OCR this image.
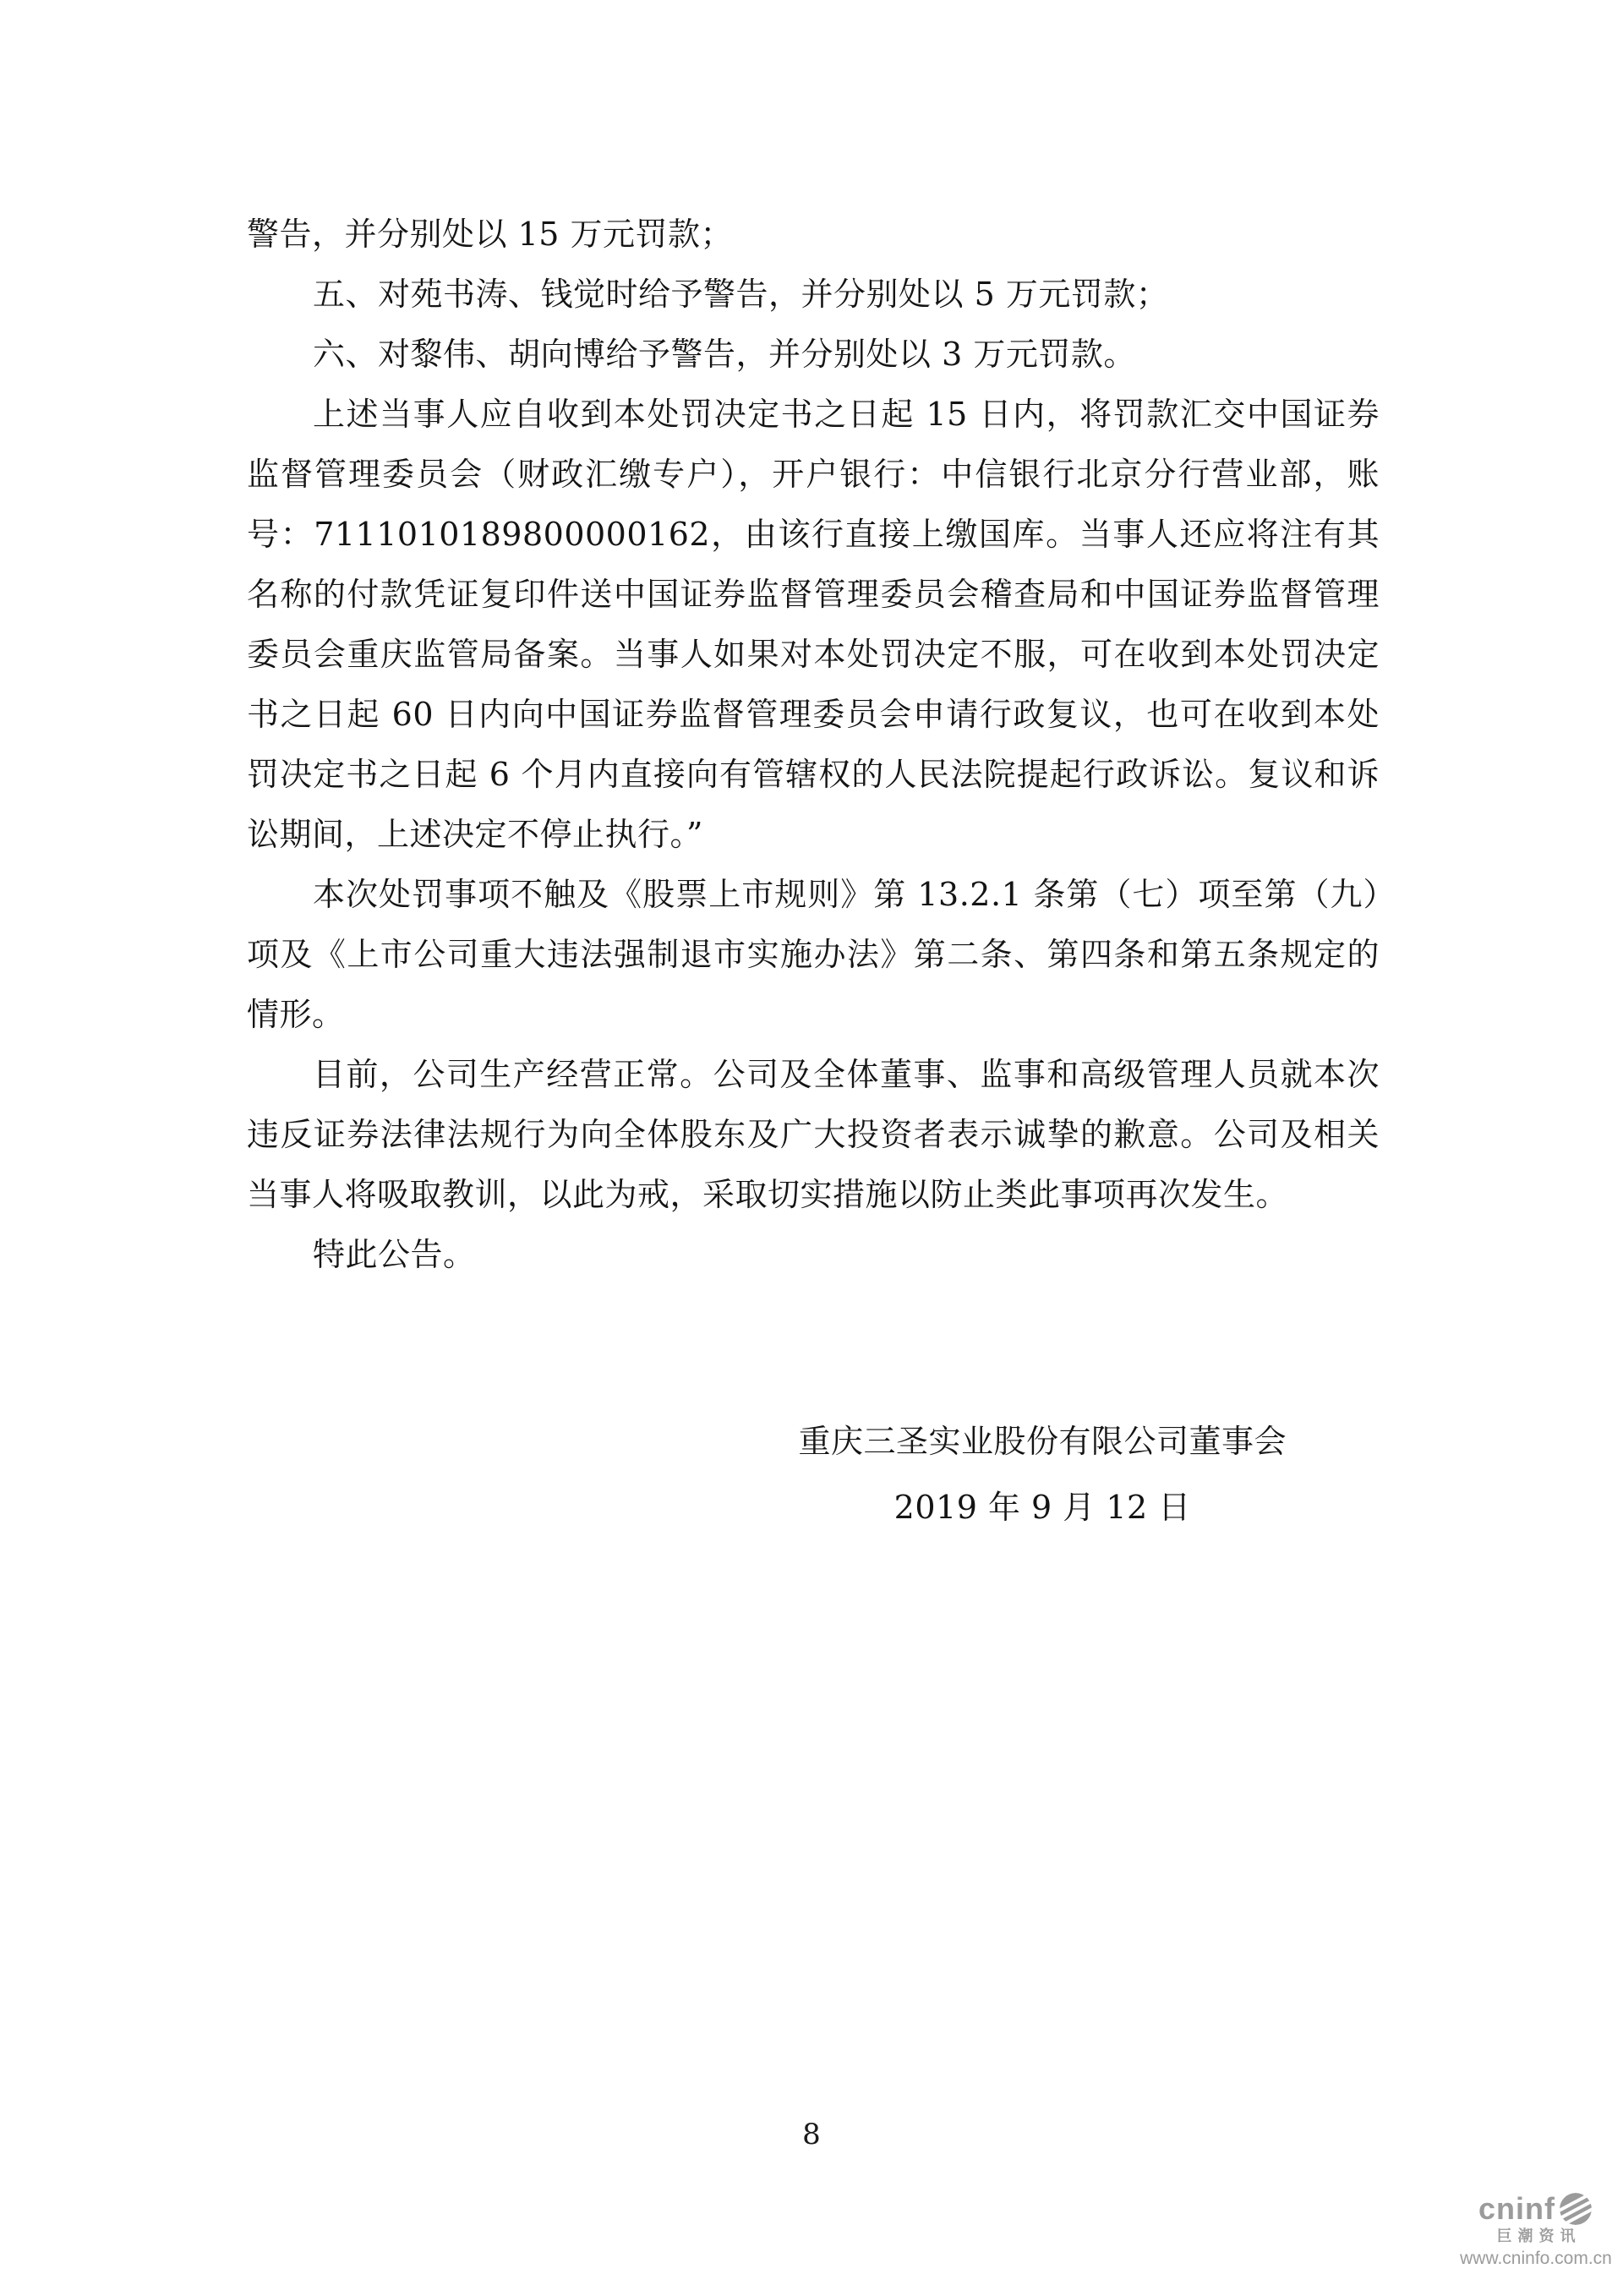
警告，并分别处以 15 万元罚款；

五、对苑书涛、钱觉时给予警告，并分别处以 5 万元罚款；

六、对黎伟、胡向博给予警告，并分别处以 3 万元罚款。

上述当事人应自收到本处罚决定书之日起 15 日内，将罚款汇交中国证券监督管理委员会（财政汇缴专户），开户银行：中信银行北京分行营业部，账号：7111010189800000162，由该行直接上缴国库。当事人还应将注有其名称的付款凭证复印件送中国证券监督管理委员会稽查局和中国证券监督管理委员会重庆监管局备案。当事人如果对本处罚决定不服，可在收到本处罚决定书之日起 60 日内向中国证券监督管理委员会申请行政复议，也可在收到本处罚决定书之日起 6 个月内直接向有管辖权的人民法院提起行政诉讼。复议和诉讼期间，上述决定不停止执行。”

本次处罚事项不触及《股票上市规则》第 13.2.1 条第（七）项至第（九）项及《上市公司重大违法强制退市实施办法》第二条、第四条和第五条规定的情形。

目前，公司生产经营正常。公司及全体董事、监事和高级管理人员就本次违反证券法律法规行为向全体股东及广大投资者表示诚挚的歉意。公司及相关当事人将吸取教训，以此为戒，采取切实措施以防止类此事项再次发生。

特此公告。

重庆三圣实业股份有限公司董事会
2019 年 9 月 12 日
8
cninf
巨潮资讯
www.cninfo.com.cn
